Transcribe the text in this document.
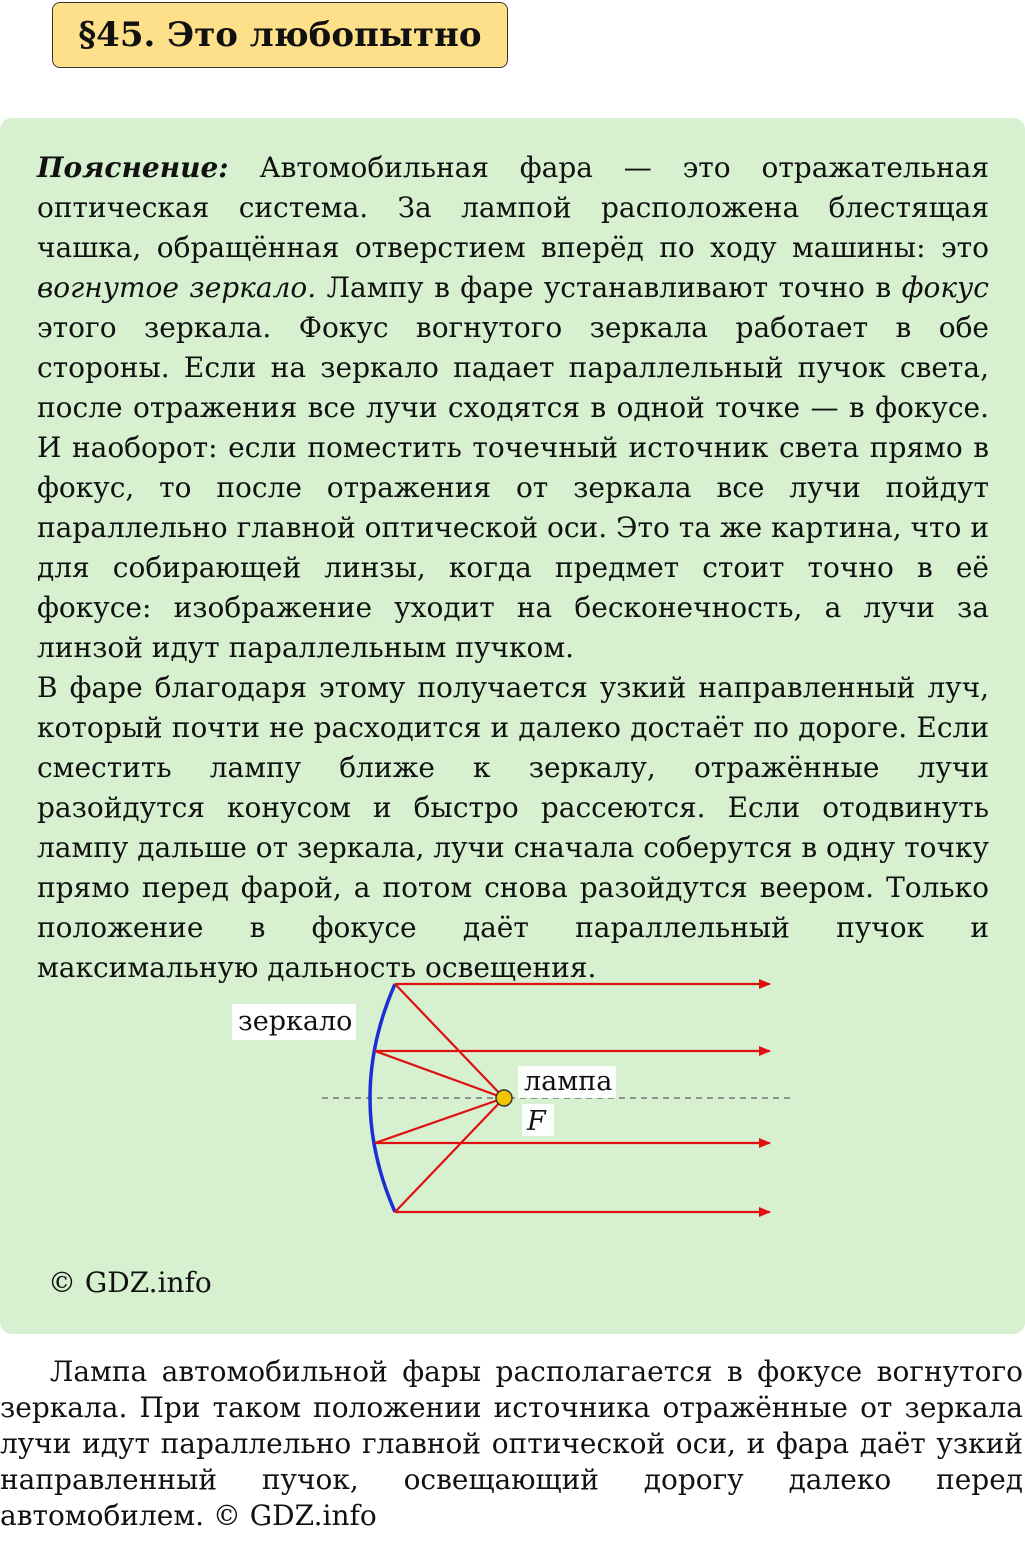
§45. Это любопытно

Пояснение: Автомобильная фара — это отражательная оптическая система. За лампой расположена блестящая чашка, обращённая отверстием вперёд по ходу машины: это вогнутое зеркало. Лампу в фаре устанавливают точно в фокус этого зеркала. Фокус вогнутого зеркала работает в обе стороны. Если на зеркало падает параллельный пучок света, после отражения все лучи сходятся в одной точке — в фокусе. И наоборот: если поместить точечный источник света прямо в фокус, то после отражения от зеркала все лучи пойдут параллельно главной оптической оси. Это та же картина, что и для собирающей линзы, когда предмет стоит точно в её фокусе: изображение уходит на бесконечность, а лучи за линзой идут параллельным пучком.

В фаре благодаря этому получается узкий направленный луч, который почти не расходится и далеко достаёт по дороге. Если сместить лампу ближе к зеркалу, отражённые лучи разойдутся конусом и быстро рассеются. Если отодвинуть лампу дальше от зеркала, лучи сначала соберутся в одну точку прямо перед фарой, а потом снова разойдутся веером. Только положение в фокусе даёт параллельный пучок и максимальную дальность освещения.

зеркало
лампа
F
© GDZ.info
Лампа автомобильной фары располагается в фокусе вогнутого зеркала. При таком положении источника отражённые от зеркала лучи идут параллельно главной оптической оси, и фара даёт узкий направленный пучок, освещающий дорогу далеко перед автомобилем. © GDZ.info
